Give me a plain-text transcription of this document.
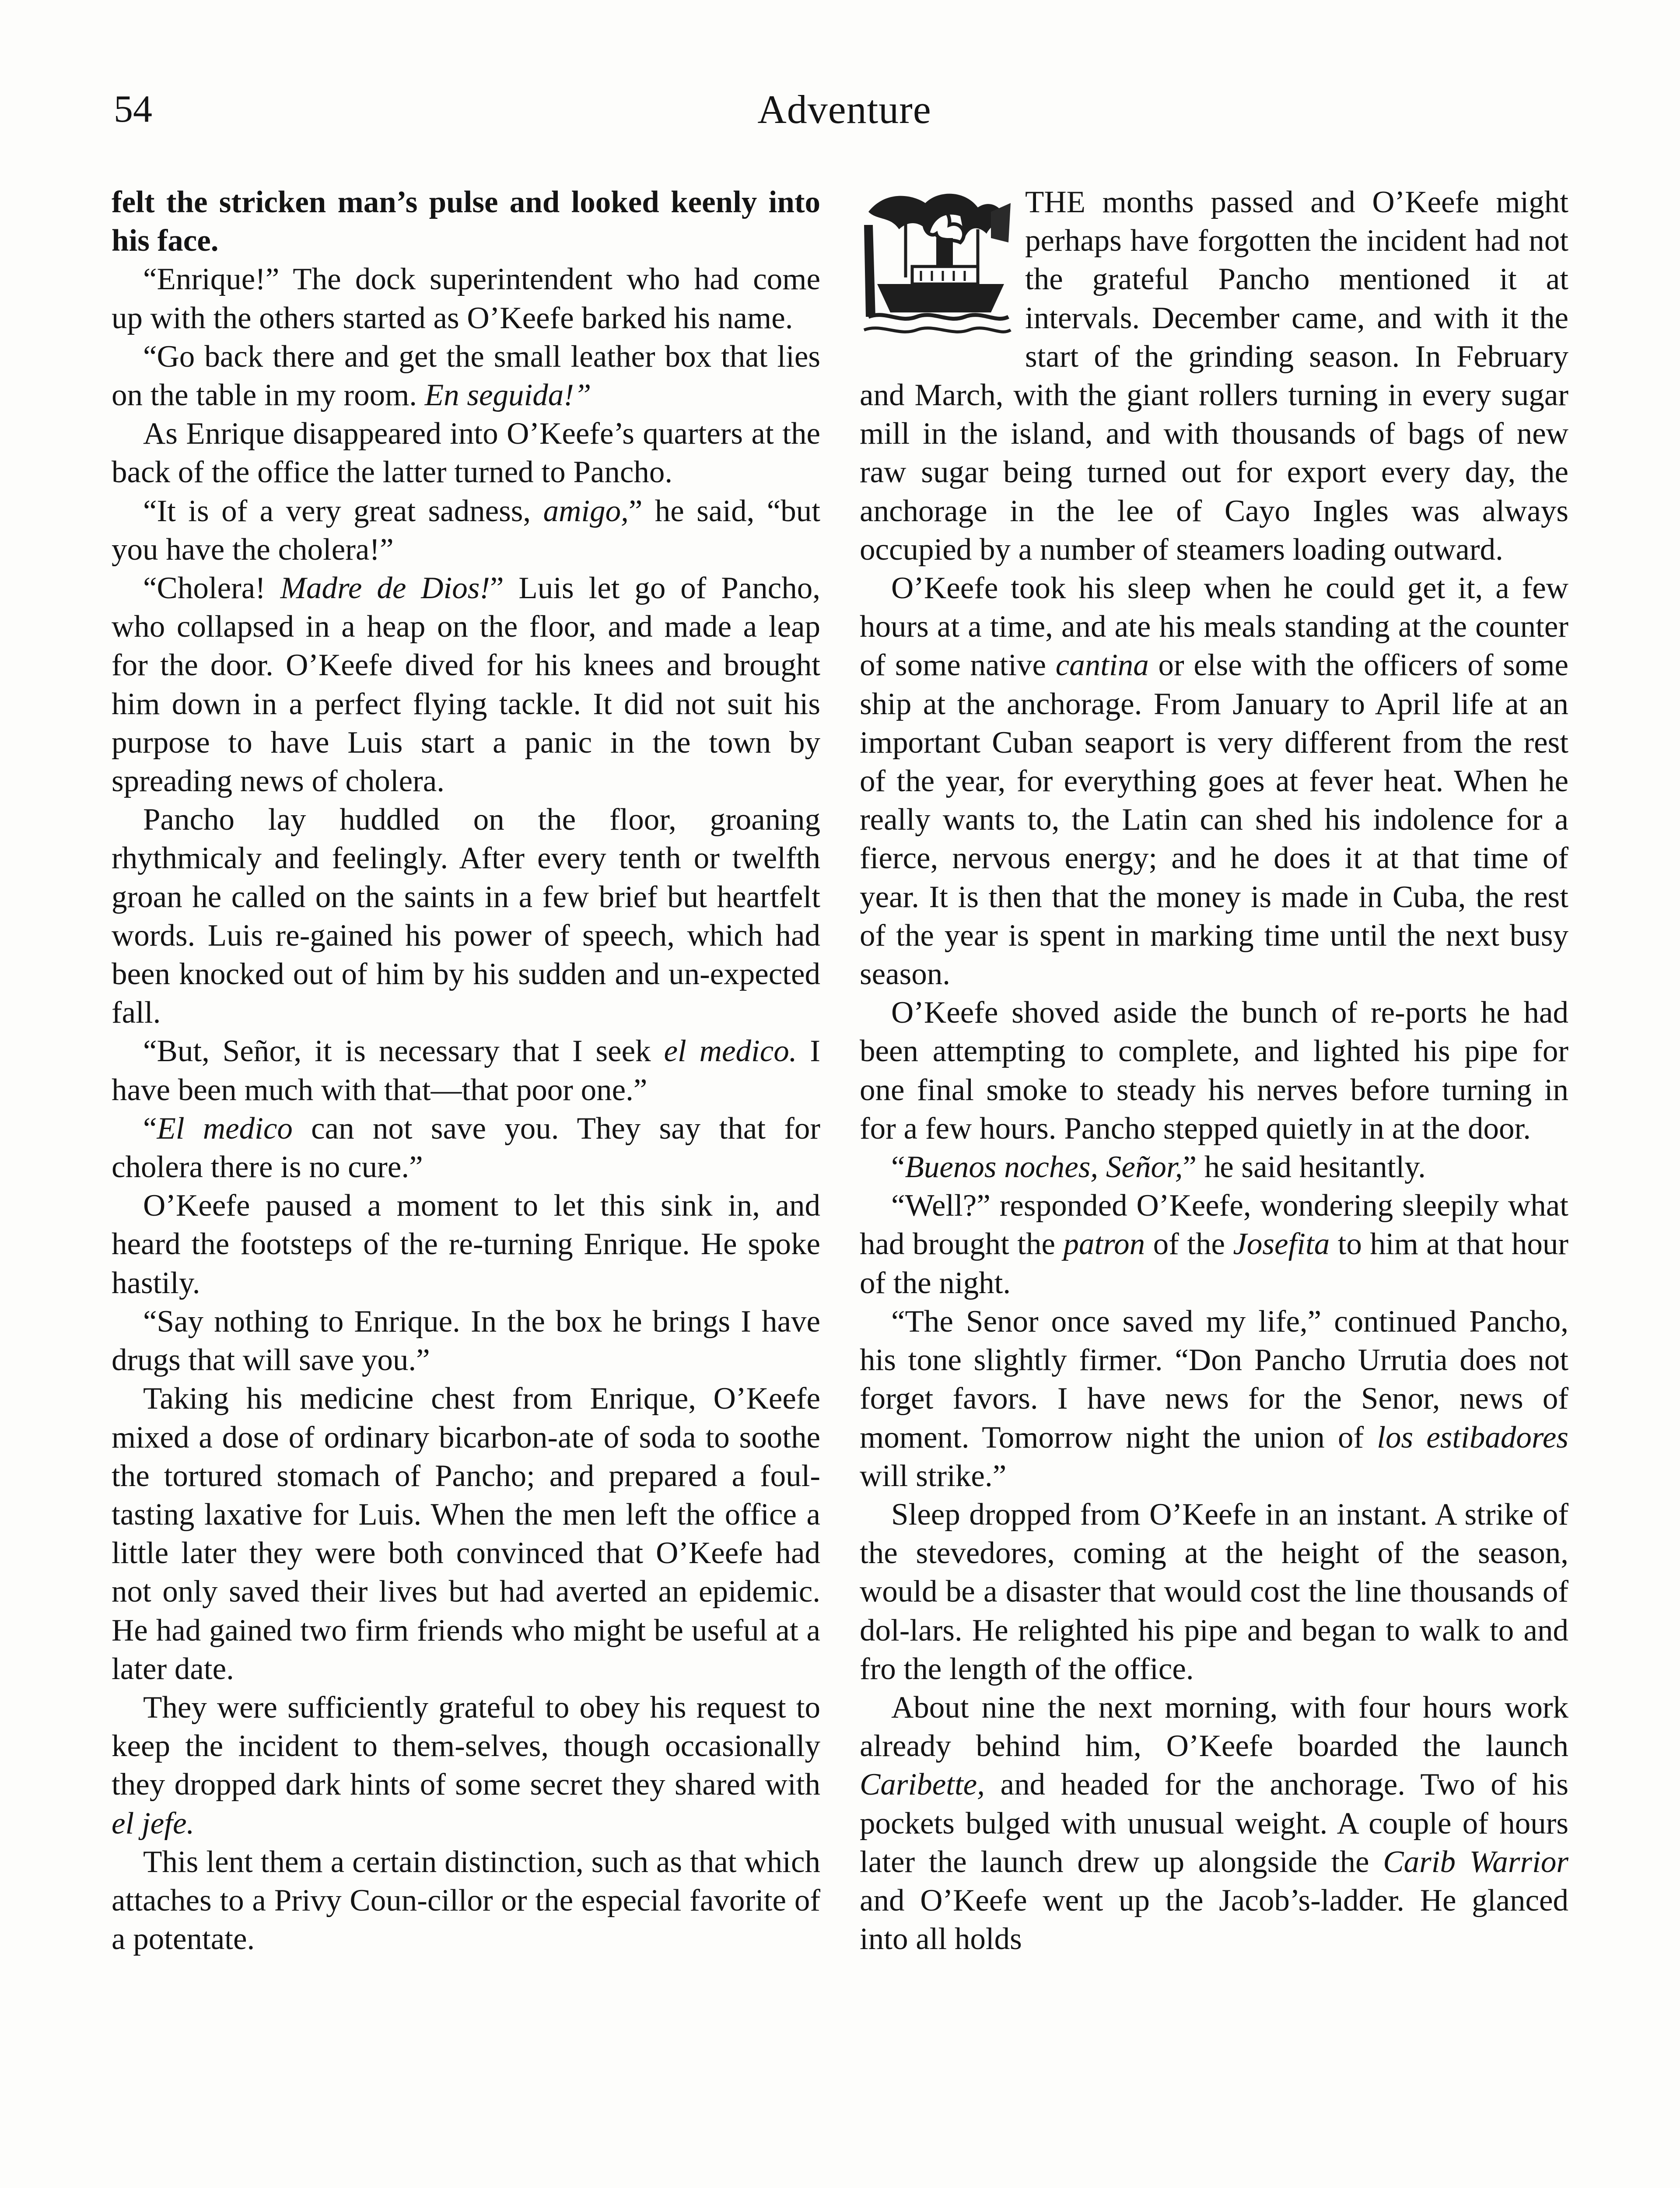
54	Adventure

felt the stricken man’s pulse and looked keenly into his face.

“Enrique!” The dock superintendent who had come up with the others started as O’Keefe barked his name.

“Go back there and get the small leather box that lies on the table in my room. En seguida!”

As Enrique disappeared into O’Keefe’s quarters at the back of the office the latter turned to Pancho.

“It is of a very great sadness, amigo,” he said, “but you have the cholera!”

“Cholera! Madre de Dios!” Luis let go of Pancho, who collapsed in a heap on the floor, and made a leap for the door. O’Keefe dived for his knees and brought him down in a perfect flying tackle. It did not suit his purpose to have Luis start a panic in the town by spreading news of cholera.

Pancho lay huddled on the floor, groaning rhythmicaly and feelingly. After every tenth or twelfth groan he called on the saints in a few brief but heartfelt words. Luis re-gained his power of speech, which had been knocked out of him by his sudden and un-expected fall.

“But, Señor, it is necessary that I seek el medico. I have been much with that—that poor one.”

“El medico can not save you. They say that for cholera there is no cure.”

O’Keefe paused a moment to let this sink in, and heard the footsteps of the re-turning Enrique. He spoke hastily.

“Say nothing to Enrique. In the box he brings I have drugs that will save you.”

Taking his medicine chest from Enrique, O’Keefe mixed a dose of ordinary bicarbon-ate of soda to soothe the tortured stomach of Pancho; and prepared a foul-tasting laxative for Luis. When the men left the office a little later they were both convinced that O’Keefe had not only saved their lives but had averted an epidemic. He had gained two firm friends who might be useful at a later date.

They were sufficiently grateful to obey his request to keep the incident to them-selves, though occasionally they dropped dark hints of some secret they shared with el jefe.

This lent them a certain distinction, such as that which attaches to a Privy Coun-cillor or the especial favorite of a potentate.

THE months passed and O’Keefe might perhaps have forgotten the incident had not the grateful Pancho mentioned it at intervals. December came, and with it the start of the grinding season. In February and March, with the giant rollers turning in every sugar mill in the island, and with thousands of bags of new raw sugar being turned out for export every day, the anchorage in the lee of Cayo Ingles was always occupied by a number of steamers loading outward.

O’Keefe took his sleep when he could get it, a few hours at a time, and ate his meals standing at the counter of some native cantina or else with the officers of some ship at the anchorage. From January to April life at an important Cuban seaport is very different from the rest of the year, for everything goes at fever heat. When he really wants to, the Latin can shed his indolence for a fierce, nervous energy; and he does it at that time of year. It is then that the money is made in Cuba, the rest of the year is spent in marking time until the next busy season.

O’Keefe shoved aside the bunch of re-ports he had been attempting to complete, and lighted his pipe for one final smoke to steady his nerves before turning in for a few hours. Pancho stepped quietly in at the door.

“Buenos noches, Señor,” he said hesitantly.

“Well?” responded O’Keefe, wondering sleepily what had brought the patron of the Josefita to him at that hour of the night.

“The Senor once saved my life,” continued Pancho, his tone slightly firmer. “Don Pancho Urrutia does not forget favors. I have news for the Senor, news of moment. Tomorrow night the union of los estibadores will strike.”

Sleep dropped from O’Keefe in an instant. A strike of the stevedores, coming at the height of the season, would be a disaster that would cost the line thousands of dol-lars. He relighted his pipe and began to walk to and fro the length of the office.

About nine the next morning, with four hours work already behind him, O’Keefe boarded the launch Caribette, and headed for the anchorage. Two of his pockets bulged with unusual weight. A couple of hours later the launch drew up alongside the Carib Warrior and O’Keefe went up the Jacob’s-ladder. He glanced into all holds
